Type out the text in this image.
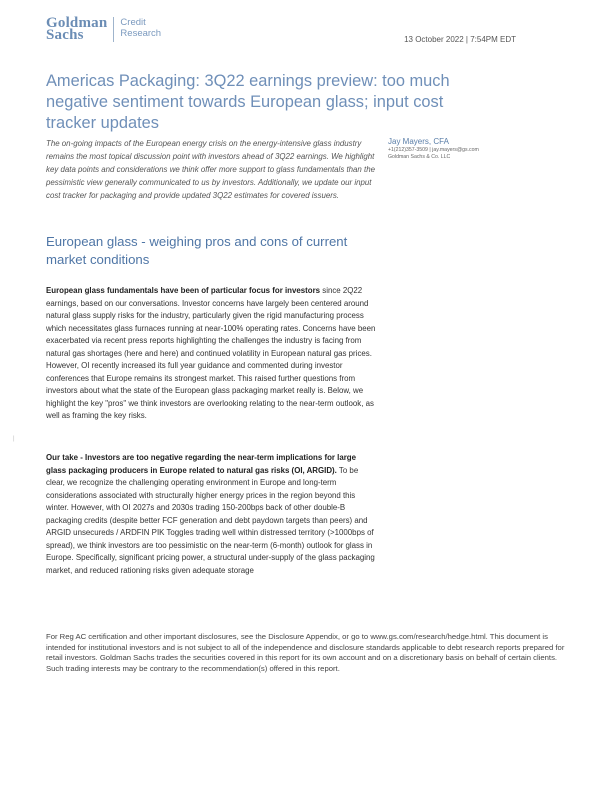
Goldman
Sachs
Credit
Research
13 October 2022 | 7:54PM EDT
Americas Packaging: 3Q22 earnings preview: too much negative sentiment towards European glass; input cost tracker updates

The on-going impacts of the European energy crisis on the energy-intensive glass industry remains the most topical discussion point with investors ahead of 3Q22 earnings. We highlight key data points and considerations we think offer more support to glass fundamentals than the pessimistic view generally communicated to us by investors. Additionally, we update our input cost tracker for packaging and provide updated 3Q22 estimates for covered issuers.

Jay Mayers, CFA
+1(212)357-3509 | jay.mayers@gs.com
Goldman Sachs & Co. LLC
European glass - weighing pros and cons of current market conditions

European glass fundamentals have been of particular focus for investors since 2Q22 earnings, based on our conversations. Investor concerns have largely been centered around natural glass supply risks for the industry, particularly given the rigid manufacturing process which necessitates glass furnaces running at near-100% operating rates. Concerns have been exacerbated via recent press reports highlighting the challenges the industry is facing from natural gas shortages (here and here) and continued volatility in European natural gas prices. However, OI recently increased its full year guidance and commented during investor conferences that Europe remains its strongest market. This raised further questions from investors about what the state of the European glass packaging market really is. Below, we highlight the key "pros" we think investors are overlooking relating to the near-term outlook, as well as framing the key risks.

|

Our take - Investors are too negative regarding the near-term implications for large glass packaging producers in Europe related to natural gas risks (OI, ARGID). To be clear, we recognize the challenging operating environment in Europe and long-term considerations associated with structurally higher energy prices in the region beyond this winter. However, with OI 2027s and 2030s trading 150-200bps back of other double-B packaging credits (despite better FCF generation and debt paydown targets than peers) and ARGID unsecureds / ARDFIN PIK Toggles trading well within distressed territory (>1000bps of spread), we think investors are too pessimistic on the near-term (6-month) outlook for glass in Europe. Specifically, significant pricing power, a structural under-supply of the glass packaging market, and reduced rationing risks given adequate storage

For Reg AC certification and other important disclosures, see the Disclosure Appendix, or go to www.gs.com/research/hedge.html. This document is intended for institutional investors and is not subject to all of the independence and disclosure standards applicable to debt research reports prepared for retail investors. Goldman Sachs trades the securities covered in this report for its own account and on a discretionary basis on behalf of certain clients. Such trading interests may be contrary to the recommendation(s) offered in this report.
